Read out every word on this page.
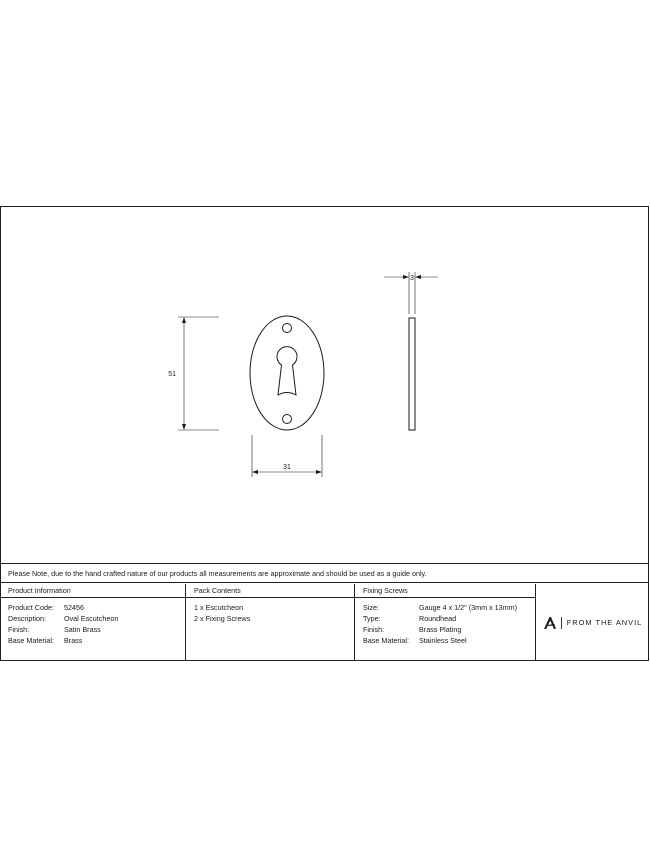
51
31
3
Please Note, due to the hand crafted nature of our products all measurements are approximate and should be used as a guide only.
Product Information
Product Code: 52456
Description:	Oval Escutcheon
Finish:	Satin Brass
Base Material: Brass
Pack Contents
1 x Escutcheon
2 x Fixing Screws
Fixing Screws
Size:	Gauge 4 x 1/2" (3mm x 13mm)
Type:	Roundhead
Finish:	Brass Plating
Base Material: Stainless Steel
FROM THE ANVIL
